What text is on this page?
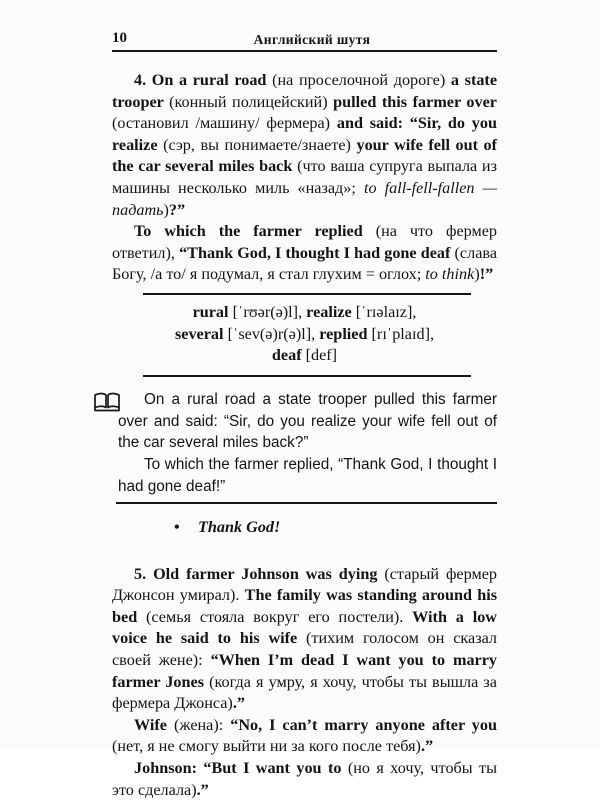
10	Английский шутя

4. On a rural road (на проселочной дороге) a state trooper (конный полицейский) pulled this farmer over (остановил /машину/ фермера) and said: “Sir, do you realize (сэр, вы понимаете/знаете) your wife fell out of the car several miles back (что ваша супруга выпала из машины несколько миль «назад»; to fall-fell-fallen — падать)?”

To which the farmer replied (на что фермер ответил), “Thank God, I thought I had gone deaf (слава Богу, /а то/ я подумал, я стал глухим = оглох; to think)!”

rural [ˈrʊər(ə)l], realize [ˈrɪəlaɪz],
several [ˈsev(ə)r(ə)l], replied [rɪˈplaɪd],
deaf [def]

On a rural road a state trooper pulled this farmer over and said: “Sir, do you realize your wife fell out of the car several miles back?”

To which the farmer replied, “Thank God, I thought I had gone deaf!”

• Thank God!

5. Old farmer Johnson was dying (старый фермер Джонсон умирал). The family was standing around his bed (семья стояла вокруг его постели). With a low voice he said to his wife (тихим голосом он сказал своей жене): “When I’m dead I want you to marry farmer Jones (когда я умру, я хочу, чтобы ты вышла за фермера Джонса).”

Wife (жена): “No, I can’t marry anyone after you (нет, я не смогу выйти ни за кого после тебя).”

Johnson: “But I want you to (но я хочу, чтобы ты это сделала).”
